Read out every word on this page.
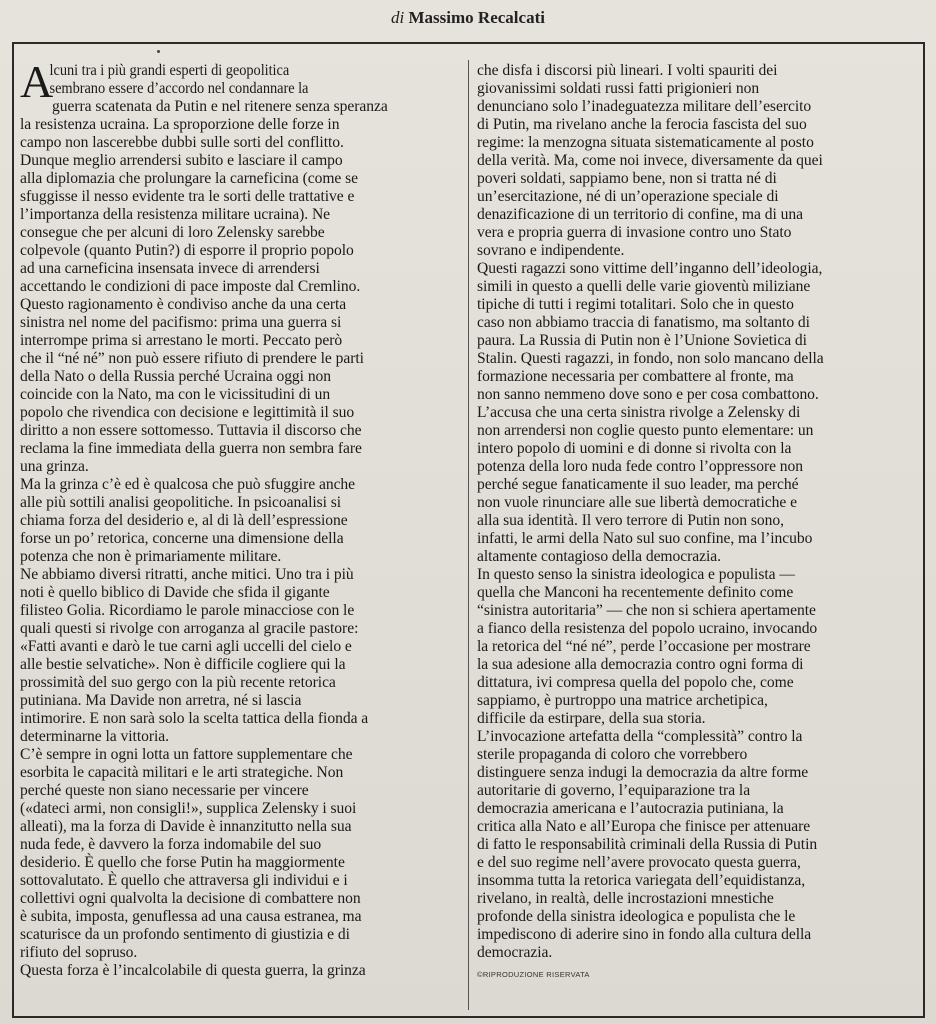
di Massimo Recalcati
A
lcuni tra i più grandi esperti di geopolitica
sembrano essere d’accordo nel condannare la
guerra scatenata da Putin e nel ritenere senza speranza
la resistenza ucraina. La sproporzione delle forze in
campo non lascerebbe dubbi sulle sorti del conflitto.
Dunque meglio arrendersi subito e lasciare il campo
alla diplomazia che prolungare la carneficina (come se
sfuggisse il nesso evidente tra le sorti delle trattative e
l’importanza della resistenza militare ucraina). Ne
consegue che per alcuni di loro Zelensky sarebbe
colpevole (quanto Putin?) di esporre il proprio popolo
ad una carneficina insensata invece di arrendersi
accettando le condizioni di pace imposte dal Cremlino.
Questo ragionamento è condiviso anche da una certa
sinistra nel nome del pacifismo: prima una guerra si
interrompe prima si arrestano le morti. Peccato però
che il “né né” non può essere rifiuto di prendere le parti
della Nato o della Russia perché Ucraina oggi non
coincide con la Nato, ma con le vicissitudini di un
popolo che rivendica con decisione e legittimità il suo
diritto a non essere sottomesso. Tuttavia il discorso che
reclama la fine immediata della guerra non sembra fare
una grinza.
Ma la grinza c’è ed è qualcosa che può sfuggire anche
alle più sottili analisi geopolitiche. In psicoanalisi si
chiama forza del desiderio e, al di là dell’espressione
forse un po’ retorica, concerne una dimensione della
potenza che non è primariamente militare.
Ne abbiamo diversi ritratti, anche mitici. Uno tra i più
noti è quello biblico di Davide che sfida il gigante
filisteo Golia. Ricordiamo le parole minacciose con le
quali questi si rivolge con arroganza al gracile pastore:
«Fatti avanti e darò le tue carni agli uccelli del cielo e
alle bestie selvatiche». Non è difficile cogliere qui la
prossimità del suo gergo con la più recente retorica
putiniana. Ma Davide non arretra, né si lascia
intimorire. E non sarà solo la scelta tattica della fionda a
determinarne la vittoria.
C’è sempre in ogni lotta un fattore supplementare che
esorbita le capacità militari e le arti strategiche. Non
perché queste non siano necessarie per vincere
(«dateci armi, non consigli!», supplica Zelensky i suoi
alleati), ma la forza di Davide è innanzitutto nella sua
nuda fede, è davvero la forza indomabile del suo
desiderio. È quello che forse Putin ha maggiormente
sottovalutato. È quello che attraversa gli individui e i
collettivi ogni qualvolta la decisione di combattere non
è subita, imposta, genuflessa ad una causa estranea, ma
scaturisce da un profondo sentimento di giustizia e di
rifiuto del sopruso.
Questa forza è l’incalcolabile di questa guerra, la grinza
che disfa i discorsi più lineari. I volti spauriti dei
giovanissimi soldati russi fatti prigionieri non
denunciano solo l’inadeguatezza militare dell’esercito
di Putin, ma rivelano anche la ferocia fascista del suo
regime: la menzogna situata sistematicamente al posto
della verità. Ma, come noi invece, diversamente da quei
poveri soldati, sappiamo bene, non si tratta né di
un’esercitazione, né di un’operazione speciale di
denazificazione di un territorio di confine, ma di una
vera e propria guerra di invasione contro uno Stato
sovrano e indipendente.
Questi ragazzi sono vittime dell’inganno dell’ideologia,
simili in questo a quelli delle varie gioventù miliziane
tipiche di tutti i regimi totalitari. Solo che in questo
caso non abbiamo traccia di fanatismo, ma soltanto di
paura. La Russia di Putin non è l’Unione Sovietica di
Stalin. Questi ragazzi, in fondo, non solo mancano della
formazione necessaria per combattere al fronte, ma
non sanno nemmeno dove sono e per cosa combattono.
L’accusa che una certa sinistra rivolge a Zelensky di
non arrendersi non coglie questo punto elementare: un
intero popolo di uomini e di donne si rivolta con la
potenza della loro nuda fede contro l’oppressore non
perché segue fanaticamente il suo leader, ma perché
non vuole rinunciare alle sue libertà democratiche e
alla sua identità. Il vero terrore di Putin non sono,
infatti, le armi della Nato sul suo confine, ma l’incubo
altamente contagioso della democrazia.
In questo senso la sinistra ideologica e populista —
quella che Manconi ha recentemente definito come
“sinistra autoritaria” — che non si schiera apertamente
a fianco della resistenza del popolo ucraino, invocando
la retorica del “né né”, perde l’occasione per mostrare
la sua adesione alla democrazia contro ogni forma di
dittatura, ivi compresa quella del popolo che, come
sappiamo, è purtroppo una matrice archetipica,
difficile da estirpare, della sua storia.
L’invocazione artefatta della “complessità” contro la
sterile propaganda di coloro che vorrebbero
distinguere senza indugi la democrazia da altre forme
autoritarie di governo, l’equiparazione tra la
democrazia americana e l’autocrazia putiniana, la
critica alla Nato e all’Europa che finisce per attenuare
di fatto le responsabilità criminali della Russia di Putin
e del suo regime nell’avere provocato questa guerra,
insomma tutta la retorica variegata dell’equidistanza,
rivelano, in realtà, delle incrostazioni mnestiche
profonde della sinistra ideologica e populista che le
impediscono di aderire sino in fondo alla cultura della
democrazia.
©RIPRODUZIONE RISERVATA
